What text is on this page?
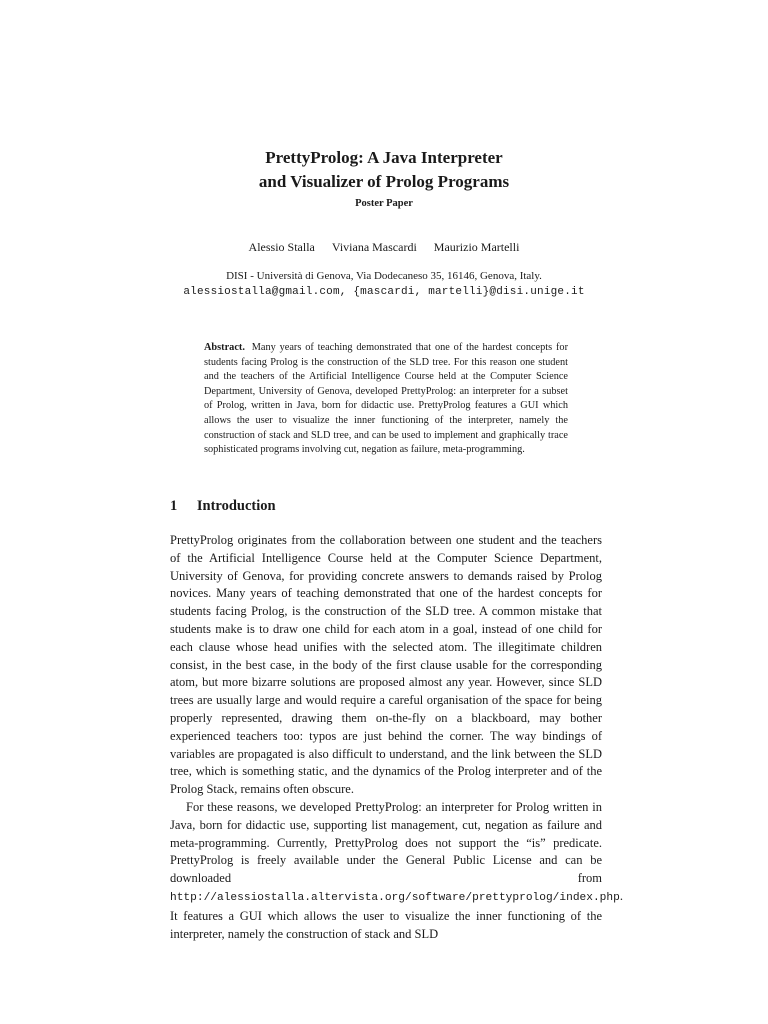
PrettyProlog: A Java Interpreter
and Visualizer of Prolog Programs
Poster Paper
Alessio Stalla Viviana Mascardi Maurizio Martelli
DISI - Università di Genova, Via Dodecaneso 35, 16146, Genova, Italy.
alessiostalla@gmail.com, {mascardi, martelli}@disi.unige.it
Abstract. Many years of teaching demonstrated that one of the hardest concepts for students facing Prolog is the construction of the SLD tree. For this reason one student and the teachers of the Artificial Intelligence Course held at the Computer Science Department, University of Genova, developed PrettyProlog: an interpreter for a subset of Prolog, written in Java, born for didactic use. PrettyProlog features a GUI which allows the user to visualize the inner functioning of the interpreter, namely the construction of stack and SLD tree, and can be used to implement and graphically trace sophisticated programs involving cut, negation as failure, meta-programming.
1 Introduction

PrettyProlog originates from the collaboration between one student and the teachers of the Artificial Intelligence Course held at the Computer Science Department, University of Genova, for providing concrete answers to demands raised by Prolog novices. Many years of teaching demonstrated that one of the hardest concepts for students facing Prolog, is the construction of the SLD tree. A common mistake that students make is to draw one child for each atom in a goal, instead of one child for each clause whose head unifies with the selected atom. The illegitimate children consist, in the best case, in the body of the first clause usable for the corresponding atom, but more bizarre solutions are proposed almost any year. However, since SLD trees are usually large and would require a careful organisation of the space for being properly represented, drawing them on-the-fly on a blackboard, may bother experienced teachers too: typos are just behind the corner. The way bindings of variables are propagated is also difficult to understand, and the link between the SLD tree, which is something static, and the dynamics of the Prolog interpreter and of the Prolog Stack, remains often obscure.

For these reasons, we developed PrettyProlog: an interpreter for Prolog written in Java, born for didactic use, supporting list management, cut, negation as failure and meta-programming. Currently, PrettyProlog does not support the “is” predicate. PrettyProlog is freely available under the General Public License and can be downloaded from http://alessiostalla.altervista.org/software/prettyprolog/index.php. It features a GUI which allows the user to visualize the inner functioning of the interpreter, namely the construction of stack and SLD
